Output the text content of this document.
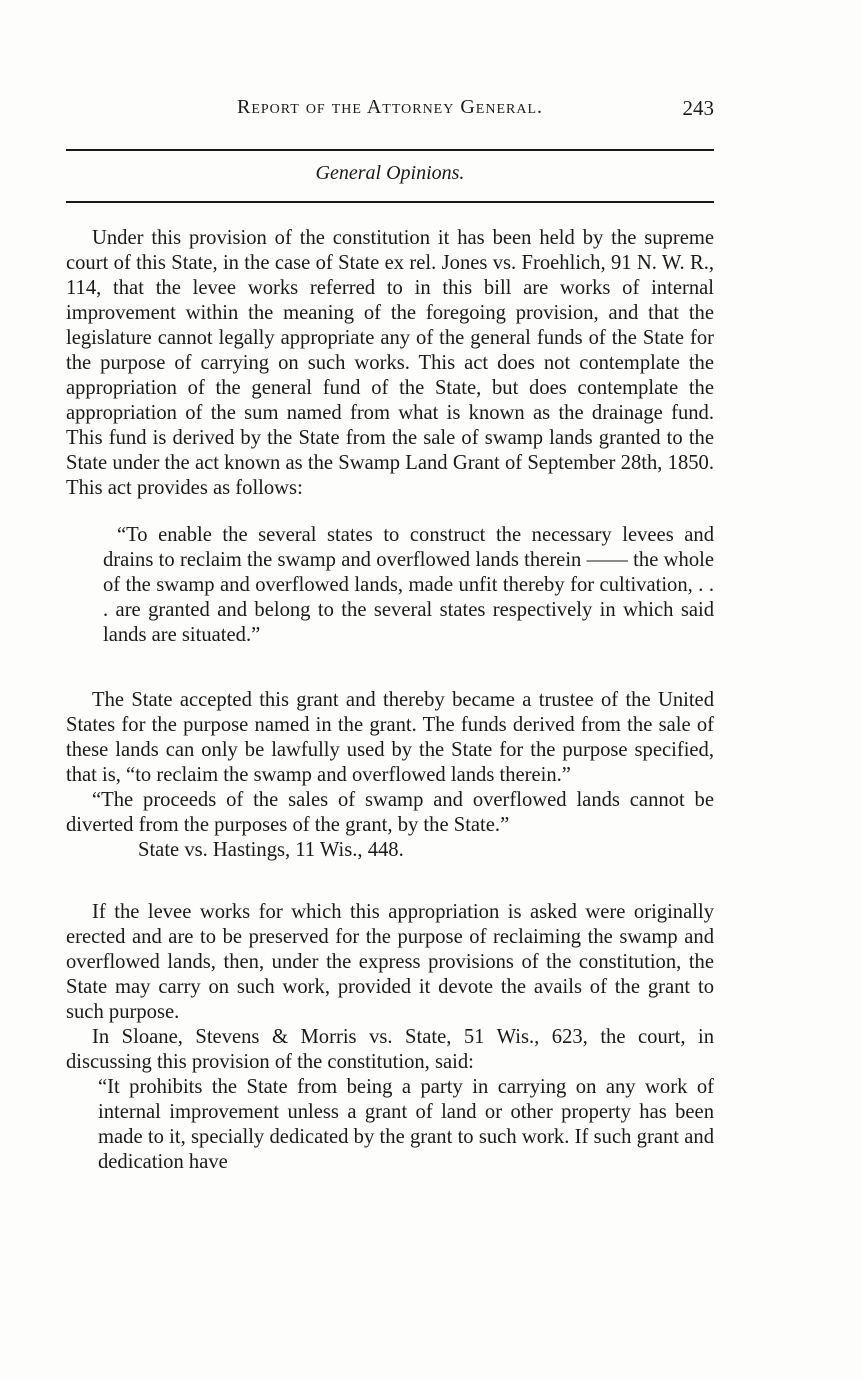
Report of the Attorney General.	243
General Opinions.

Under this provision of the constitution it has been held by the supreme court of this State, in the case of State ex rel. Jones vs. Froehlich, 91 N. W. R., 114, that the levee works referred to in this bill are works of internal improvement within the meaning of the foregoing provision, and that the legislature cannot legally appropriate any of the general funds of the State for the purpose of carrying on such works. This act does not contemplate the appropriation of the general fund of the State, but does contemplate the appropriation of the sum named from what is known as the drainage fund. This fund is derived by the State from the sale of swamp lands granted to the State under the act known as the Swamp Land Grant of September 28th, 1850. This act provides as follows:

“To enable the several states to construct the necessary levees and drains to reclaim the swamp and overflowed lands therein —— the whole of the swamp and overflowed lands, made unfit thereby for cultivation, . . . are granted and belong to the several states respectively in which said lands are situated.”

The State accepted this grant and thereby became a trustee of the United States for the purpose named in the grant. The funds derived from the sale of these lands can only be lawfully used by the State for the purpose specified, that is, “to reclaim the swamp and overflowed lands therein.”

“The proceeds of the sales of swamp and overflowed lands cannot be diverted from the purposes of the grant, by the State.”

State vs. Hastings, 11 Wis., 448.

If the levee works for which this appropriation is asked were originally erected and are to be preserved for the purpose of reclaiming the swamp and overflowed lands, then, under the express provisions of the constitution, the State may carry on such work, provided it devote the avails of the grant to such purpose.

In Sloane, Stevens & Morris vs. State, 51 Wis., 623, the court, in discussing this provision of the constitution, said:

“It prohibits the State from being a party in carrying on any work of internal improvement unless a grant of land or other property has been made to it, specially dedicated by the grant to such work. If such grant and dedication have
